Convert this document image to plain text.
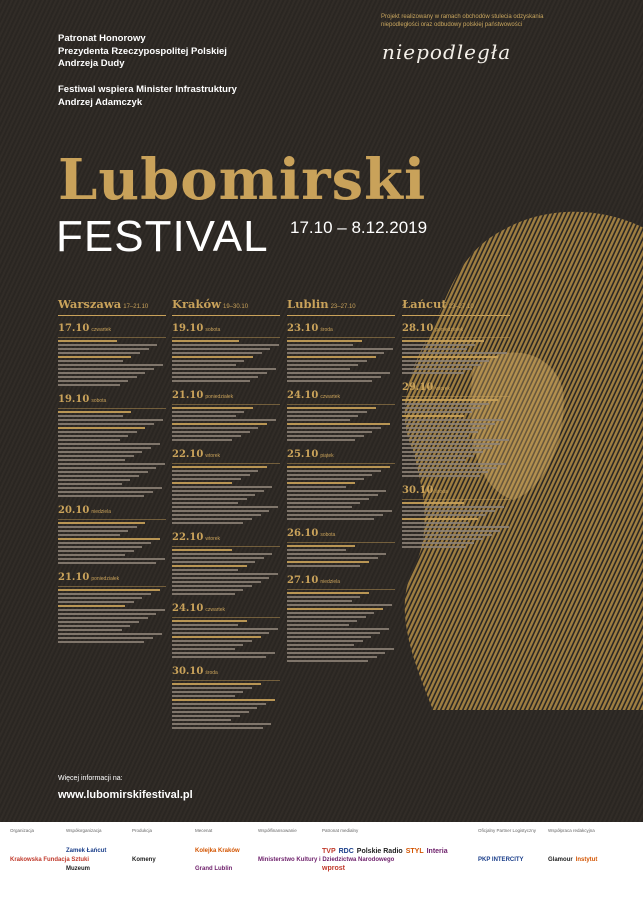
Patronat Honorowy
Prezydenta Rzeczypospolitej Polskiej
Andrzeja Dudy
Festiwal wspiera Minister Infrastruktury
Andrzej Adamczyk
Projekt realizowany w ramach obchodów stulecia odzyskania niepodległości oraz odbudowy polskiej państwowości
niepodległa
Lubomirski
FESTIVAL 17.10 – 8.12.2019
Warszawa 17–21.10
17.10 czwartek
19.10 sobota
20.10 niedziela
21.10 poniedziałek
Kraków 19–30.10
19.10 sobota
21.10 poniedziałek
22.10 wtorek
22.10 wtorek
24.10 czwartek
30.10 środa
Lublin 23–27.10
23.10 środa
24.10 czwartek
25.10 piątek
26.10 sobota
27.10 niedziela
Łańcut 23–27.10
28.10 poniedziałek
29.10 wtorek
30.10 środa
Więcej informacji na:
www.lubomirskifestival.pl
Organizacja
Krakowska Fundacja Sztuki
Współorganizacja
Zamek Łańcut
Muzeum
Produkcja
Komeny
Mecenat
Kolejka Kraków
Grand Lublin
Współfinansowanie
Ministerstwo Kultury i Dziedzictwa Narodowego
Patronat medialny
TVP RDC Polskie Radio STYL Interia
wprost
Oficjalny Partner Logistyczny
PKP INTERCITY
Współpraca redakcyjna
Glamour Instytut
